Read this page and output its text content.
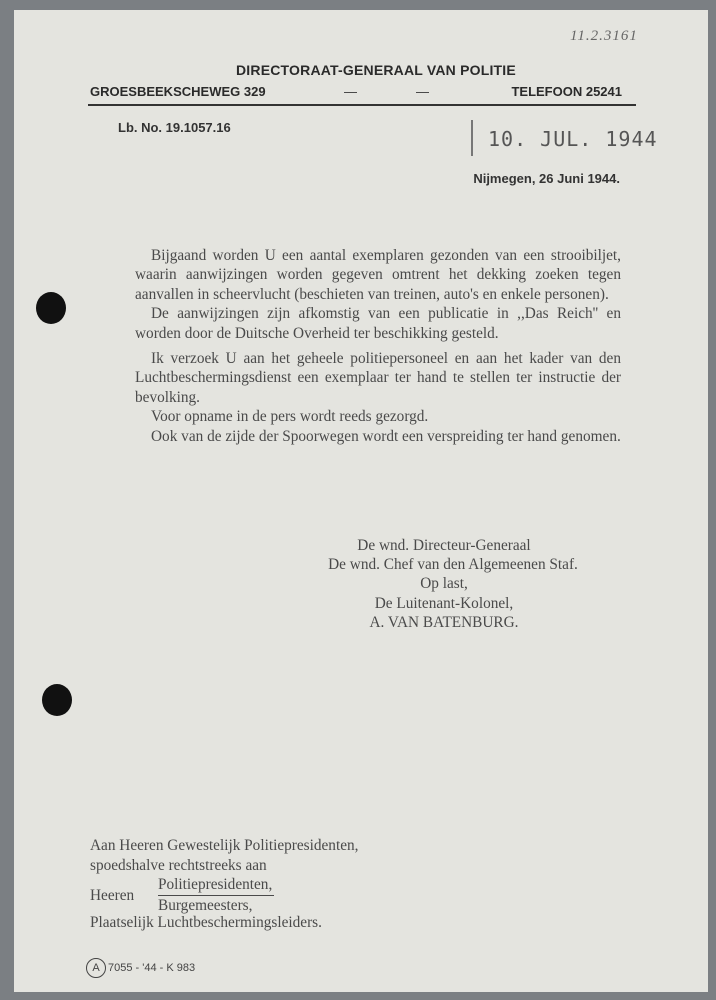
11.2.3161
DIRECTORAAT-GENERAAL VAN POLITIE
GROESBEEKSCHEWEG 329	—	—	TELEFOON 25241
Lb. No. 19.1057.16	10. JUL. 1944
Nijmegen, 26 Juni 1944.

Bijgaand worden U een aantal exemplaren gezonden van een strooibiljet, waarin aanwijzingen worden gegeven omtrent het dekking zoeken tegen aanvallen in scheervlucht (beschieten van treinen, auto's en enkele personen).

De aanwijzingen zijn afkomstig van een publicatie in ,,Das Reich'' en worden door de Duitsche Overheid ter beschikking gesteld.

Ik verzoek U aan het geheele politiepersoneel en aan het kader van den Luchtbeschermingsdienst een exemplaar ter hand te stellen ter instructie der bevolking.

Voor opname in de pers wordt reeds gezorgd.

Ook van de zijde der Spoorwegen wordt een verspreiding ter hand genomen.

De wnd. Directeur-Generaal
De wnd. Chef van den Algemeenen Staf.
Op last,
De Luitenant-Kolonel,
A. VAN BATENBURG.
Aan Heeren Gewestelijk Politiepresidenten,
spoedshalve rechtstreeks aan
Heeren
Politiepresidenten,
Burgemeesters,
Plaatselijk Luchtbeschermingsleiders.
A 7055 - '44 - K 983
